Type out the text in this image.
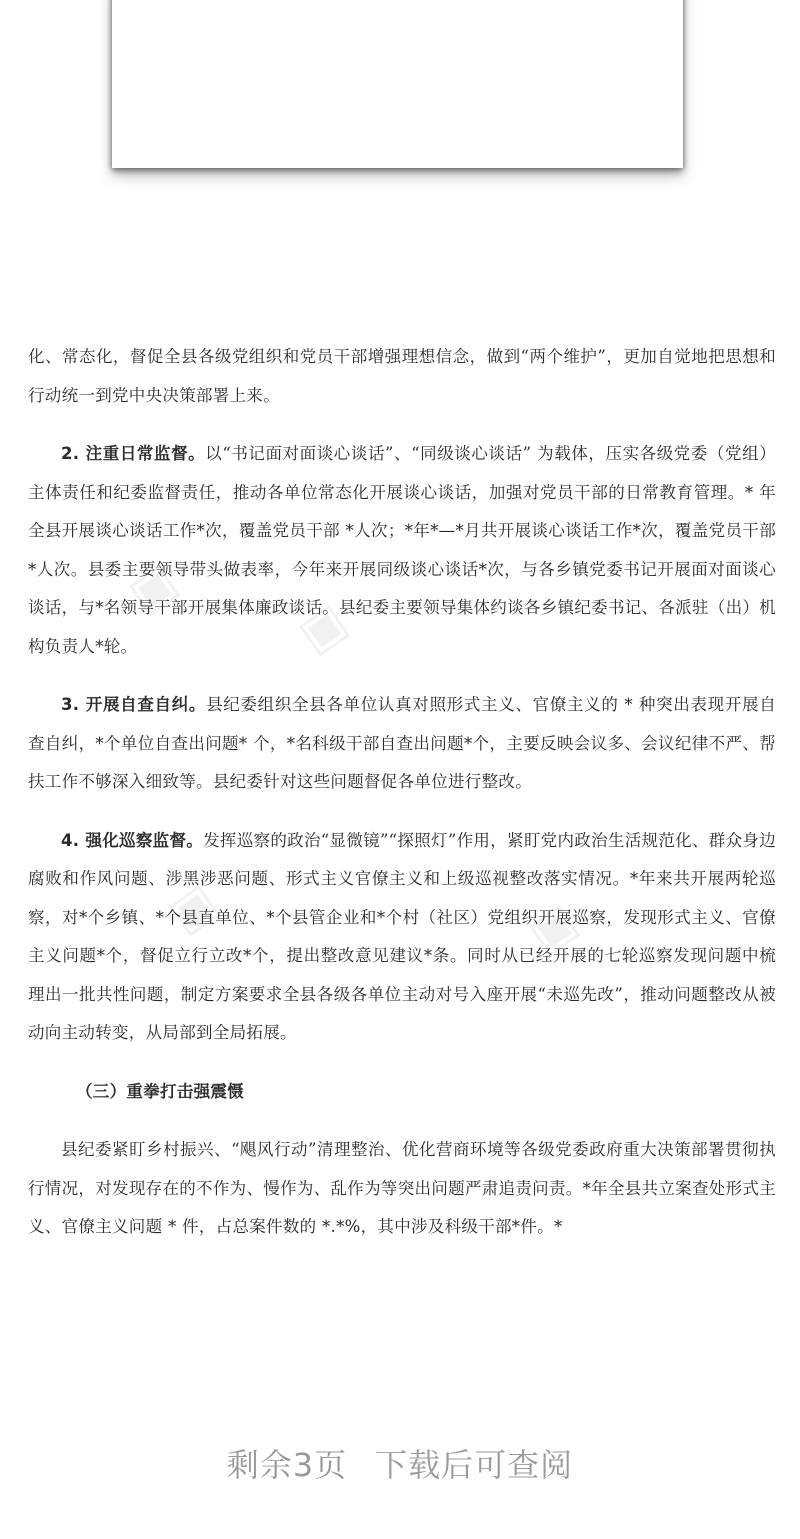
▣
▣
▣	▣

化、常态化，督促全县各级党组织和党员干部增强理想信念，做到“两个维护”，更加自觉地把思想和行动统一到党中央决策部署上来。

2. 注重日常监督。以“书记面对面谈心谈话”、“同级谈心谈话” 为载体，压实各级党委（党组）主体责任和纪委监督责任，推动各单位常态化开展谈心谈话，加强对党员干部的日常教育管理。* 年全县开展谈心谈话工作*次，覆盖党员干部 *人次；*年*—*月共开展谈心谈话工作*次，覆盖党员干部*人次。县委主要领导带头做表率，今年来开展同级谈心谈话*次，与各乡镇党委书记开展面对面谈心谈话，与*名领导干部开展集体廉政谈话。县纪委主要领导集体约谈各乡镇纪委书记、各派驻（出）机构负责人*轮。

3. 开展自查自纠。县纪委组织全县各单位认真对照形式主义、官僚主义的 * 种突出表现开展自查自纠，*个单位自查出问题* 个，*名科级干部自查出问题*个，主要反映会议多、会议纪律不严、帮扶工作不够深入细致等。县纪委针对这些问题督促各单位进行整改。

4. 强化巡察监督。发挥巡察的政治“显微镜”“探照灯”作用，紧盯党内政治生活规范化、群众身边腐败和作风问题、涉黑涉恶问题、形式主义官僚主义和上级巡视整改落实情况。*年来共开展两轮巡察，对*个乡镇、*个县直单位、*个县管企业和*个村（社区）党组织开展巡察，发现形式主义、官僚主义问题*个，督促立行立改*个，提出整改意见建议*条。同时从已经开展的七轮巡察发现问题中梳理出一批共性问题，制定方案要求全县各级各单位主动对号入座开展“未巡先改”，推动问题整改从被动向主动转变，从局部到全局拓展。

（三）重拳打击强震慑

县纪委紧盯乡村振兴、“飓风行动”清理整治、优化营商环境等各级党委政府重大决策部署贯彻执行情况，对发现存在的不作为、慢作为、乱作为等突出问题严肃追责问责。*年全县共立案查处形式主义、官僚主义问题 * 件，占总案件数的 *.*%，其中涉及科级干部*件。*

剩余3页 下载后可查阅
